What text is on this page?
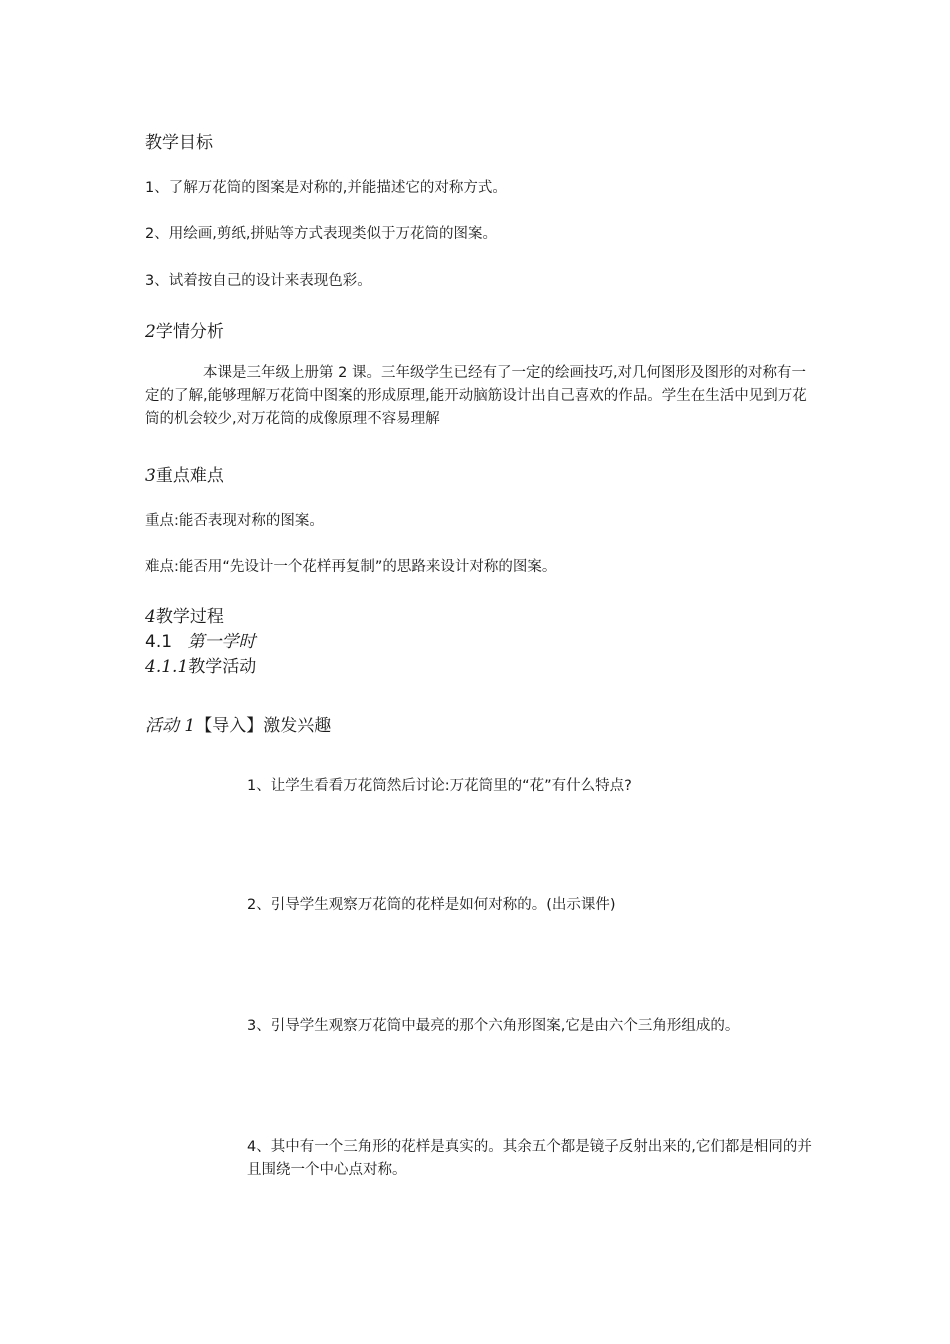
教学目标
1、了解万花筒的图案是对称的,并能描述它的对称方式。
2、用绘画,剪纸,拼贴等方式表现类似于万花筒的图案。
3、试着按自己的设计来表现色彩。
2学情分析
本课是三年级上册第 2 课。三年级学生已经有了一定的绘画技巧,对几何图形及图形的对称有一定的了解,能够理解万花筒中图案的形成原理,能开动脑筋设计出自己喜欢的作品。学生在生活中见到万花筒的机会较少,对万花筒的成像原理不容易理解
3重点难点
重点:能否表现对称的图案。
难点:能否用“先设计一个花样再复制”的思路来设计对称的图案。
4教学过程
4.1 第一学时
4.1.1教学活动
活动 1【导入】激发兴趣
1、让学生看看万花筒然后讨论:万花筒里的“花”有什么特点?
2、引导学生观察万花筒的花样是如何对称的。(出示课件)
3、引导学生观察万花筒中最亮的那个六角形图案,它是由六个三角形组成的。
4、其中有一个三角形的花样是真实的。其余五个都是镜子反射出来的,它们都是相同的并且围绕一个中心点对称。
